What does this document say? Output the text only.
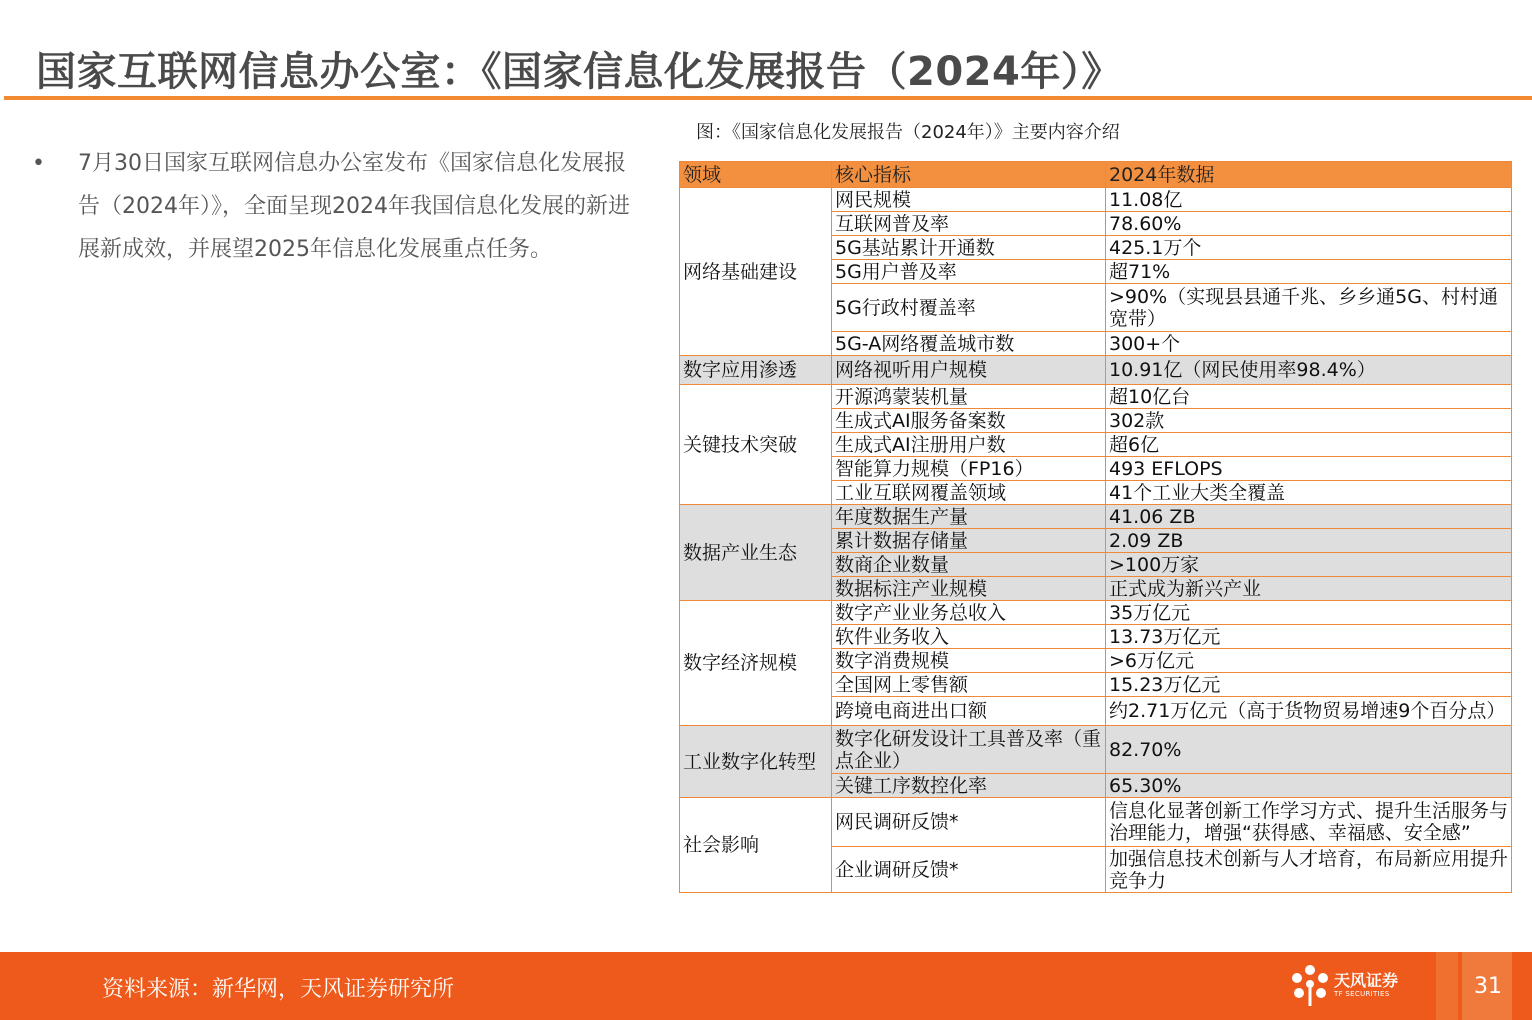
国家互联网信息办公室：《国家信息化发展报告（2024年）》
• 7月30日国家互联网信息办公室发布《国家信息化发展报告（2024年）》，全面呈现2024年我国信息化发展的新进展新成效，并展望2025年信息化发展重点任务。
图：《国家信息化发展报告（2024年）》主要内容介绍
领域	核心指标	2024年数据
网络基础建设	网民规模	11.08亿
	互联网普及率	78.60%
	5G基站累计开通数	425.1万个
	5G用户普及率	超71%
	5G行政村覆盖率	>90%（实现县县通千兆、乡乡通5G、村村通宽带）
	5G-A网络覆盖城市数	300+个
数字应用渗透	网络视听用户规模	10.91亿（网民使用率98.4%）
关键技术突破	开源鸿蒙装机量	超10亿台
	生成式AI服务备案数	302款
	生成式AI注册用户数	超6亿
	智能算力规模（FP16）	493 EFLOPS
	工业互联网覆盖领域	41个工业大类全覆盖
数据产业生态	年度数据生产量	41.06 ZB
	累计数据存储量	2.09 ZB
	数商企业数量	>100万家
	数据标注产业规模	正式成为新兴产业
数字经济规模	数字产业业务总收入	35万亿元
	软件业务收入	13.73万亿元
	数字消费规模	>6万亿元
	全国网上零售额	15.23万亿元
	跨境电商进出口额	约2.71万亿元（高于货物贸易增速9个百分点）
工业数字化转型	数字化研发设计工具普及率（重点企业）	82.70%
	关键工序数控化率	65.30%
社会影响	网民调研反馈*	信息化显著创新工作学习方式、提升生活服务与治理能力，增强“获得感、幸福感、安全感”
	企业调研反馈*	加强信息技术创新与人才培育，布局新应用提升竞争力
资料来源：新华网，天风证券研究所	天风证券
TF SECURITIES	31
